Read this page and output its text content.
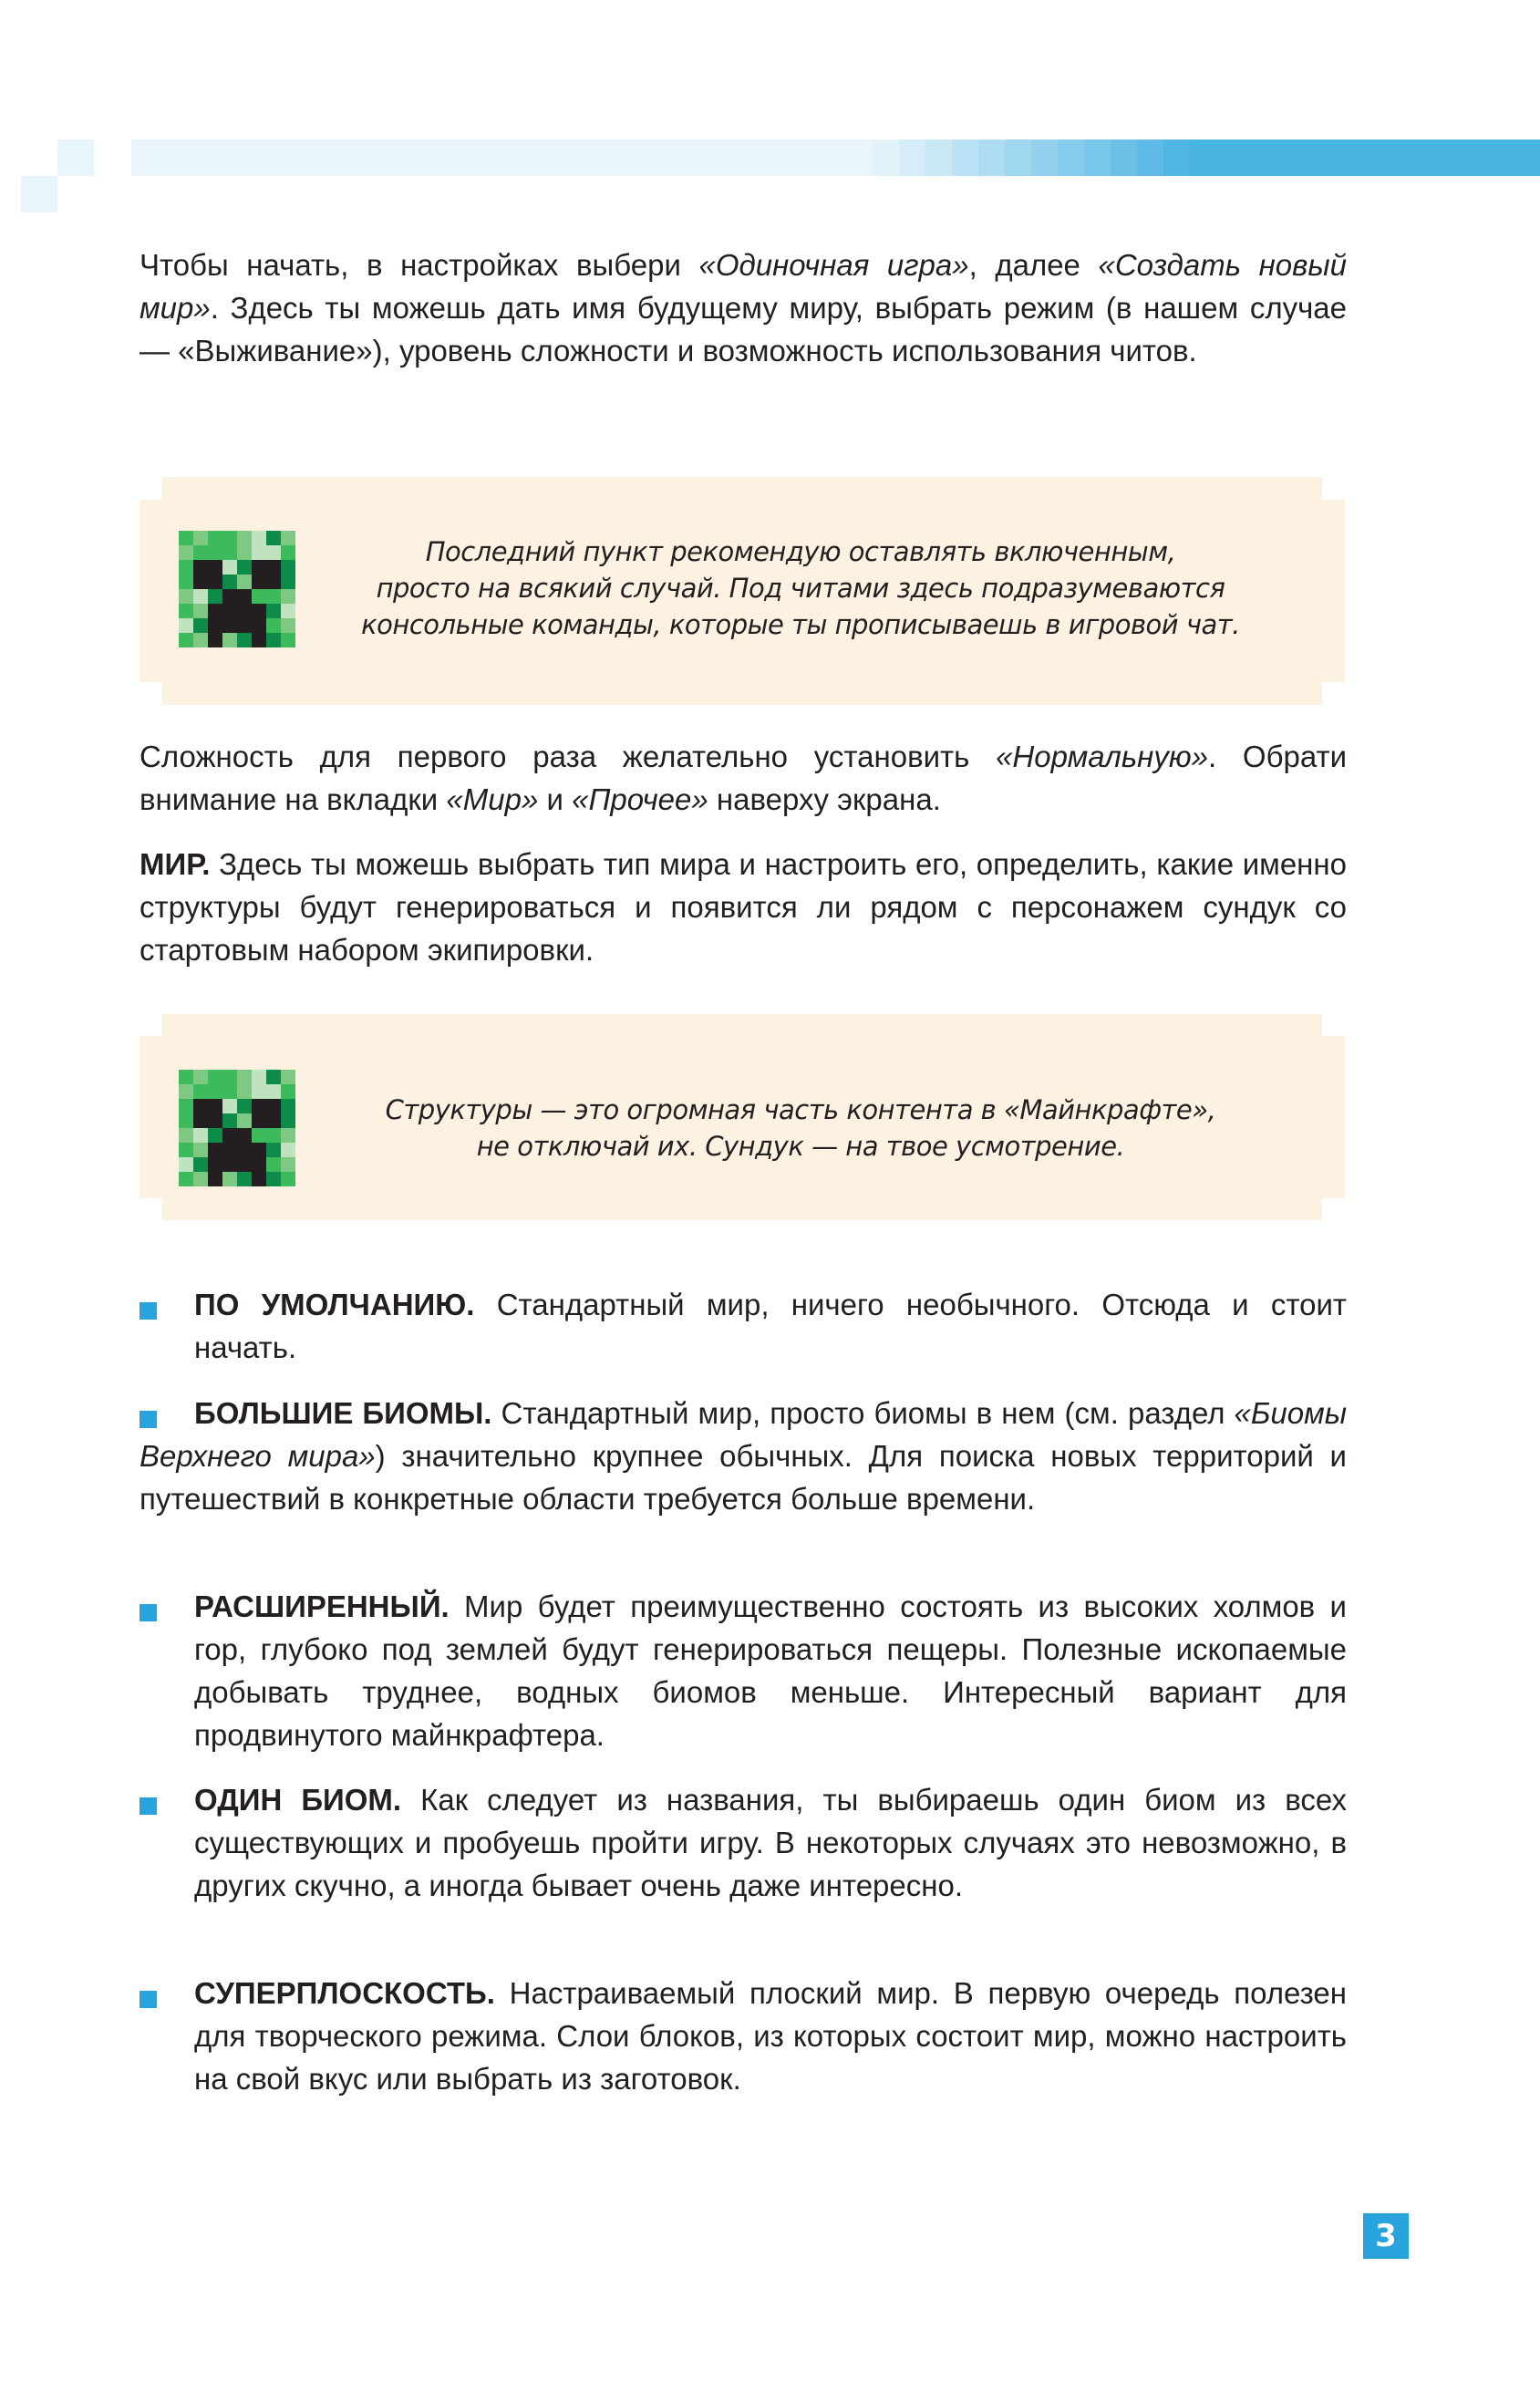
Чтобы начать, в настройках выбери «Одиночная игра», далее «Создать новый мир». Здесь ты можешь дать имя будущему миру, выбрать режим (в нашем случае — «Выживание»), уровень сложности и возможность использования читов.

Последний пункт рекомендую оставлять включенным,
просто на всякий случай. Под читами здесь подразумеваются
консольные команды, которые ты прописываешь в игровой чат.

Сложность для первого раза желательно установить «Нормальную». Обрати внимание на вкладки «Мир» и «Прочее» наверху экрана.

МИР. Здесь ты можешь выбрать тип мира и настроить его, определить, какие именно структуры будут генерироваться и появится ли рядом с персонажем сундук со стартовым набором экипировки.

Структуры — это огромная часть контента в «Майнкрафте»,
не отключай их. Сундук — на твое усмотрение.
ПО УМОЛЧАНИЮ. Стандартный мир, ничего необычного. Отсюда и стоит начать.
БОЛЬШИЕ БИОМЫ. Стандартный мир, просто биомы в нем (см. раздел «Биомы Верхнего мира») значительно крупнее обычных. Для поиска новых территорий и путешествий в конкретные области требуется больше времени.
РАСШИРЕННЫЙ. Мир будет преимущественно состоять из высоких холмов и гор, глубоко под землей будут генерироваться пещеры. Полезные ископаемые добывать труднее, водных биомов меньше. Интересный вариант для продвинутого майнкрафтера.
ОДИН БИОМ. Как следует из названия, ты выбираешь один биом из всех существующих и пробуешь пройти игру. В некоторых случаях это невозможно, в других скучно, а иногда бывает очень даже интересно.
СУПЕРПЛОСКОСТЬ. Настраиваемый плоский мир. В первую очередь полезен для творческого режима. Слои блоков, из которых состоит мир, можно настроить на свой вкус или выбрать из заготовок.
3
